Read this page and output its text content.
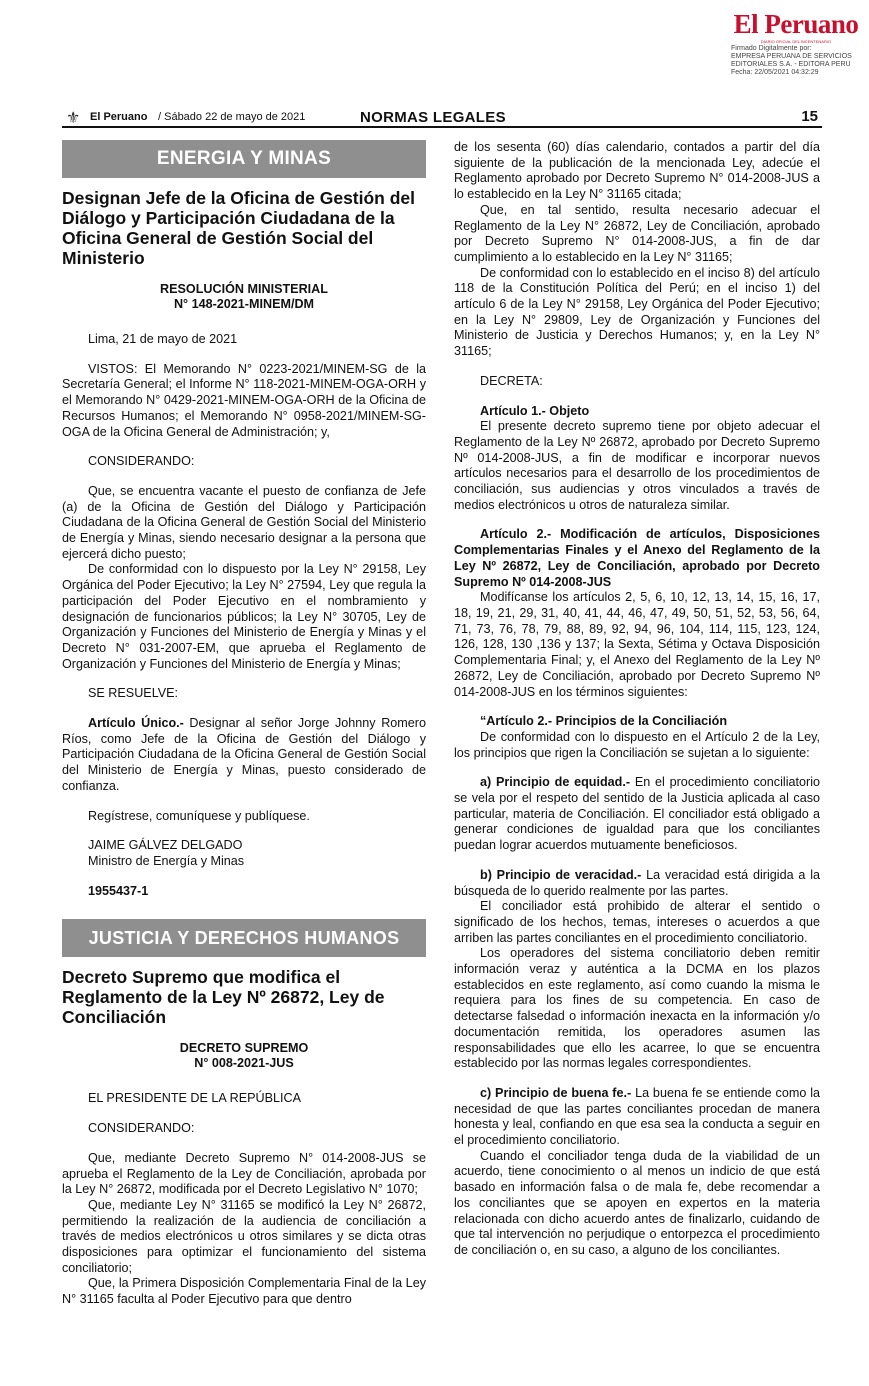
El Peruano
DIARIO OFICIAL DEL BICENTENARIO
Firmado Digitalmente por:
EMPRESA PERUANA DE SERVICIOS
EDITORIALES S.A. - EDITORA PERU
Fecha: 22/05/2021 04:32:29
⚜ El Peruano / Sábado 22 de mayo de 2021	NORMAS LEGALES	15
ENERGIA Y MINAS
Designan Jefe de la Oficina de Gestión del Diálogo y Participación Ciudadana de la Oficina General de Gestión Social del Ministerio
RESOLUCIÓN MINISTERIAL
N° 148-2021-MINEM/DM

Lima, 21 de mayo de 2021

VISTOS: El Memorando N° 0223-2021/MINEM-SG de la Secretaría General; el Informe N° 118-2021-MINEM-OGA-ORH y el Memorando N° 0429-2021-MINEM-OGA-ORH de la Oficina de Recursos Humanos; el Memorando N° 0958-2021/MINEM-SG-OGA de la Oficina General de Administración; y,

CONSIDERANDO:

Que, se encuentra vacante el puesto de confianza de Jefe (a) de la Oficina de Gestión del Diálogo y Participación Ciudadana de la Oficina General de Gestión Social del Ministerio de Energía y Minas, siendo necesario designar a la persona que ejercerá dicho puesto;

De conformidad con lo dispuesto por la Ley N° 29158, Ley Orgánica del Poder Ejecutivo; la Ley N° 27594, Ley que regula la participación del Poder Ejecutivo en el nombramiento y designación de funcionarios públicos; la Ley N° 30705, Ley de Organización y Funciones del Ministerio de Energía y Minas y el Decreto N° 031-2007-EM, que aprueba el Reglamento de Organización y Funciones del Ministerio de Energía y Minas;

SE RESUELVE:

Artículo Único.- Designar al señor Jorge Johnny Romero Ríos, como Jefe de la Oficina de Gestión del Diálogo y Participación Ciudadana de la Oficina General de Gestión Social del Ministerio de Energía y Minas, puesto considerado de confianza.

Regístrese, comuníquese y publíquese.

JAIME GÁLVEZ DELGADO

Ministro de Energía y Minas

1955437-1

JUSTICIA Y DERECHOS HUMANOS
Decreto Supremo que modifica el Reglamento de la Ley Nº 26872, Ley de Conciliación
DECRETO SUPREMO
N° 008-2021-JUS

EL PRESIDENTE DE LA REPÚBLICA

CONSIDERANDO:

Que, mediante Decreto Supremo N° 014-2008-JUS se aprueba el Reglamento de la Ley de Conciliación, aprobada por la Ley N° 26872, modificada por el Decreto Legislativo N° 1070;

Que, mediante Ley N° 31165 se modificó la Ley N° 26872, permitiendo la realización de la audiencia de conciliación a través de medios electrónicos u otros similares y se dicta otras disposiciones para optimizar el funcionamiento del sistema conciliatorio;

Que, la Primera Disposición Complementaria Final de la Ley N° 31165 faculta al Poder Ejecutivo para que dentro

de los sesenta (60) días calendario, contados a partir del día siguiente de la publicación de la mencionada Ley, adecúe el Reglamento aprobado por Decreto Supremo N° 014-2008-JUS a lo establecido en la Ley N° 31165 citada;

Que, en tal sentido, resulta necesario adecuar el Reglamento de la Ley N° 26872, Ley de Conciliación, aprobado por Decreto Supremo N° 014-2008-JUS, a fin de dar cumplimiento a lo establecido en la Ley N° 31165;

De conformidad con lo establecido en el inciso 8) del artículo 118 de la Constitución Política del Perú; en el inciso 1) del artículo 6 de la Ley N° 29158, Ley Orgánica del Poder Ejecutivo; en la Ley N° 29809, Ley de Organización y Funciones del Ministerio de Justicia y Derechos Humanos; y, en la Ley N° 31165;

DECRETA:

Artículo 1.- Objeto

El presente decreto supremo tiene por objeto adecuar el Reglamento de la Ley Nº 26872, aprobado por Decreto Supremo Nº 014-2008-JUS, a fin de modificar e incorporar nuevos artículos necesarios para el desarrollo de los procedimientos de conciliación, sus audiencias y otros vinculados a través de medios electrónicos u otros de naturaleza similar.

Artículo 2.- Modificación de artículos, Disposiciones Complementarias Finales y el Anexo del Reglamento de la Ley Nº 26872, Ley de Conciliación, aprobado por Decreto Supremo Nº 014-2008-JUS

Modifícanse los artículos 2, 5, 6, 10, 12, 13, 14, 15, 16, 17, 18, 19, 21, 29, 31, 40, 41, 44, 46, 47, 49, 50, 51, 52, 53, 56, 64, 71, 73, 76, 78, 79, 88, 89, 92, 94, 96, 104, 114, 115, 123, 124, 126, 128, 130 ,136 y 137; la Sexta, Sétima y Octava Disposición Complementaria Final; y, el Anexo del Reglamento de la Ley Nº 26872, Ley de Conciliación, aprobado por Decreto Supremo Nº 014-2008-JUS en los términos siguientes:

“Artículo 2.- Principios de la Conciliación

De conformidad con lo dispuesto en el Artículo 2 de la Ley, los principios que rigen la Conciliación se sujetan a lo siguiente:

a) Principio de equidad.- En el procedimiento conciliatorio se vela por el respeto del sentido de la Justicia aplicada al caso particular, materia de Conciliación. El conciliador está obligado a generar condiciones de igualdad para que los conciliantes puedan lograr acuerdos mutuamente beneficiosos.

b) Principio de veracidad.- La veracidad está dirigida a la búsqueda de lo querido realmente por las partes.

El conciliador está prohibido de alterar el sentido o significado de los hechos, temas, intereses o acuerdos a que arriben las partes conciliantes en el procedimiento conciliatorio.

Los operadores del sistema conciliatorio deben remitir información veraz y auténtica a la DCMA en los plazos establecidos en este reglamento, así como cuando la misma le requiera para los fines de su competencia. En caso de detectarse falsedad o información inexacta en la información y/o documentación remitida, los operadores asumen las responsabilidades que ello les acarree, lo que se encuentra establecido por las normas legales correspondientes.

c) Principio de buena fe.- La buena fe se entiende como la necesidad de que las partes conciliantes procedan de manera honesta y leal, confiando en que esa sea la conducta a seguir en el procedimiento conciliatorio.

Cuando el conciliador tenga duda de la viabilidad de un acuerdo, tiene conocimiento o al menos un indicio de que está basado en información falsa o de mala fe, debe recomendar a los conciliantes que se apoyen en expertos en la materia relacionada con dicho acuerdo antes de finalizarlo, cuidando de que tal intervención no perjudique o entorpezca el procedimiento de conciliación o, en su caso, a alguno de los conciliantes.
